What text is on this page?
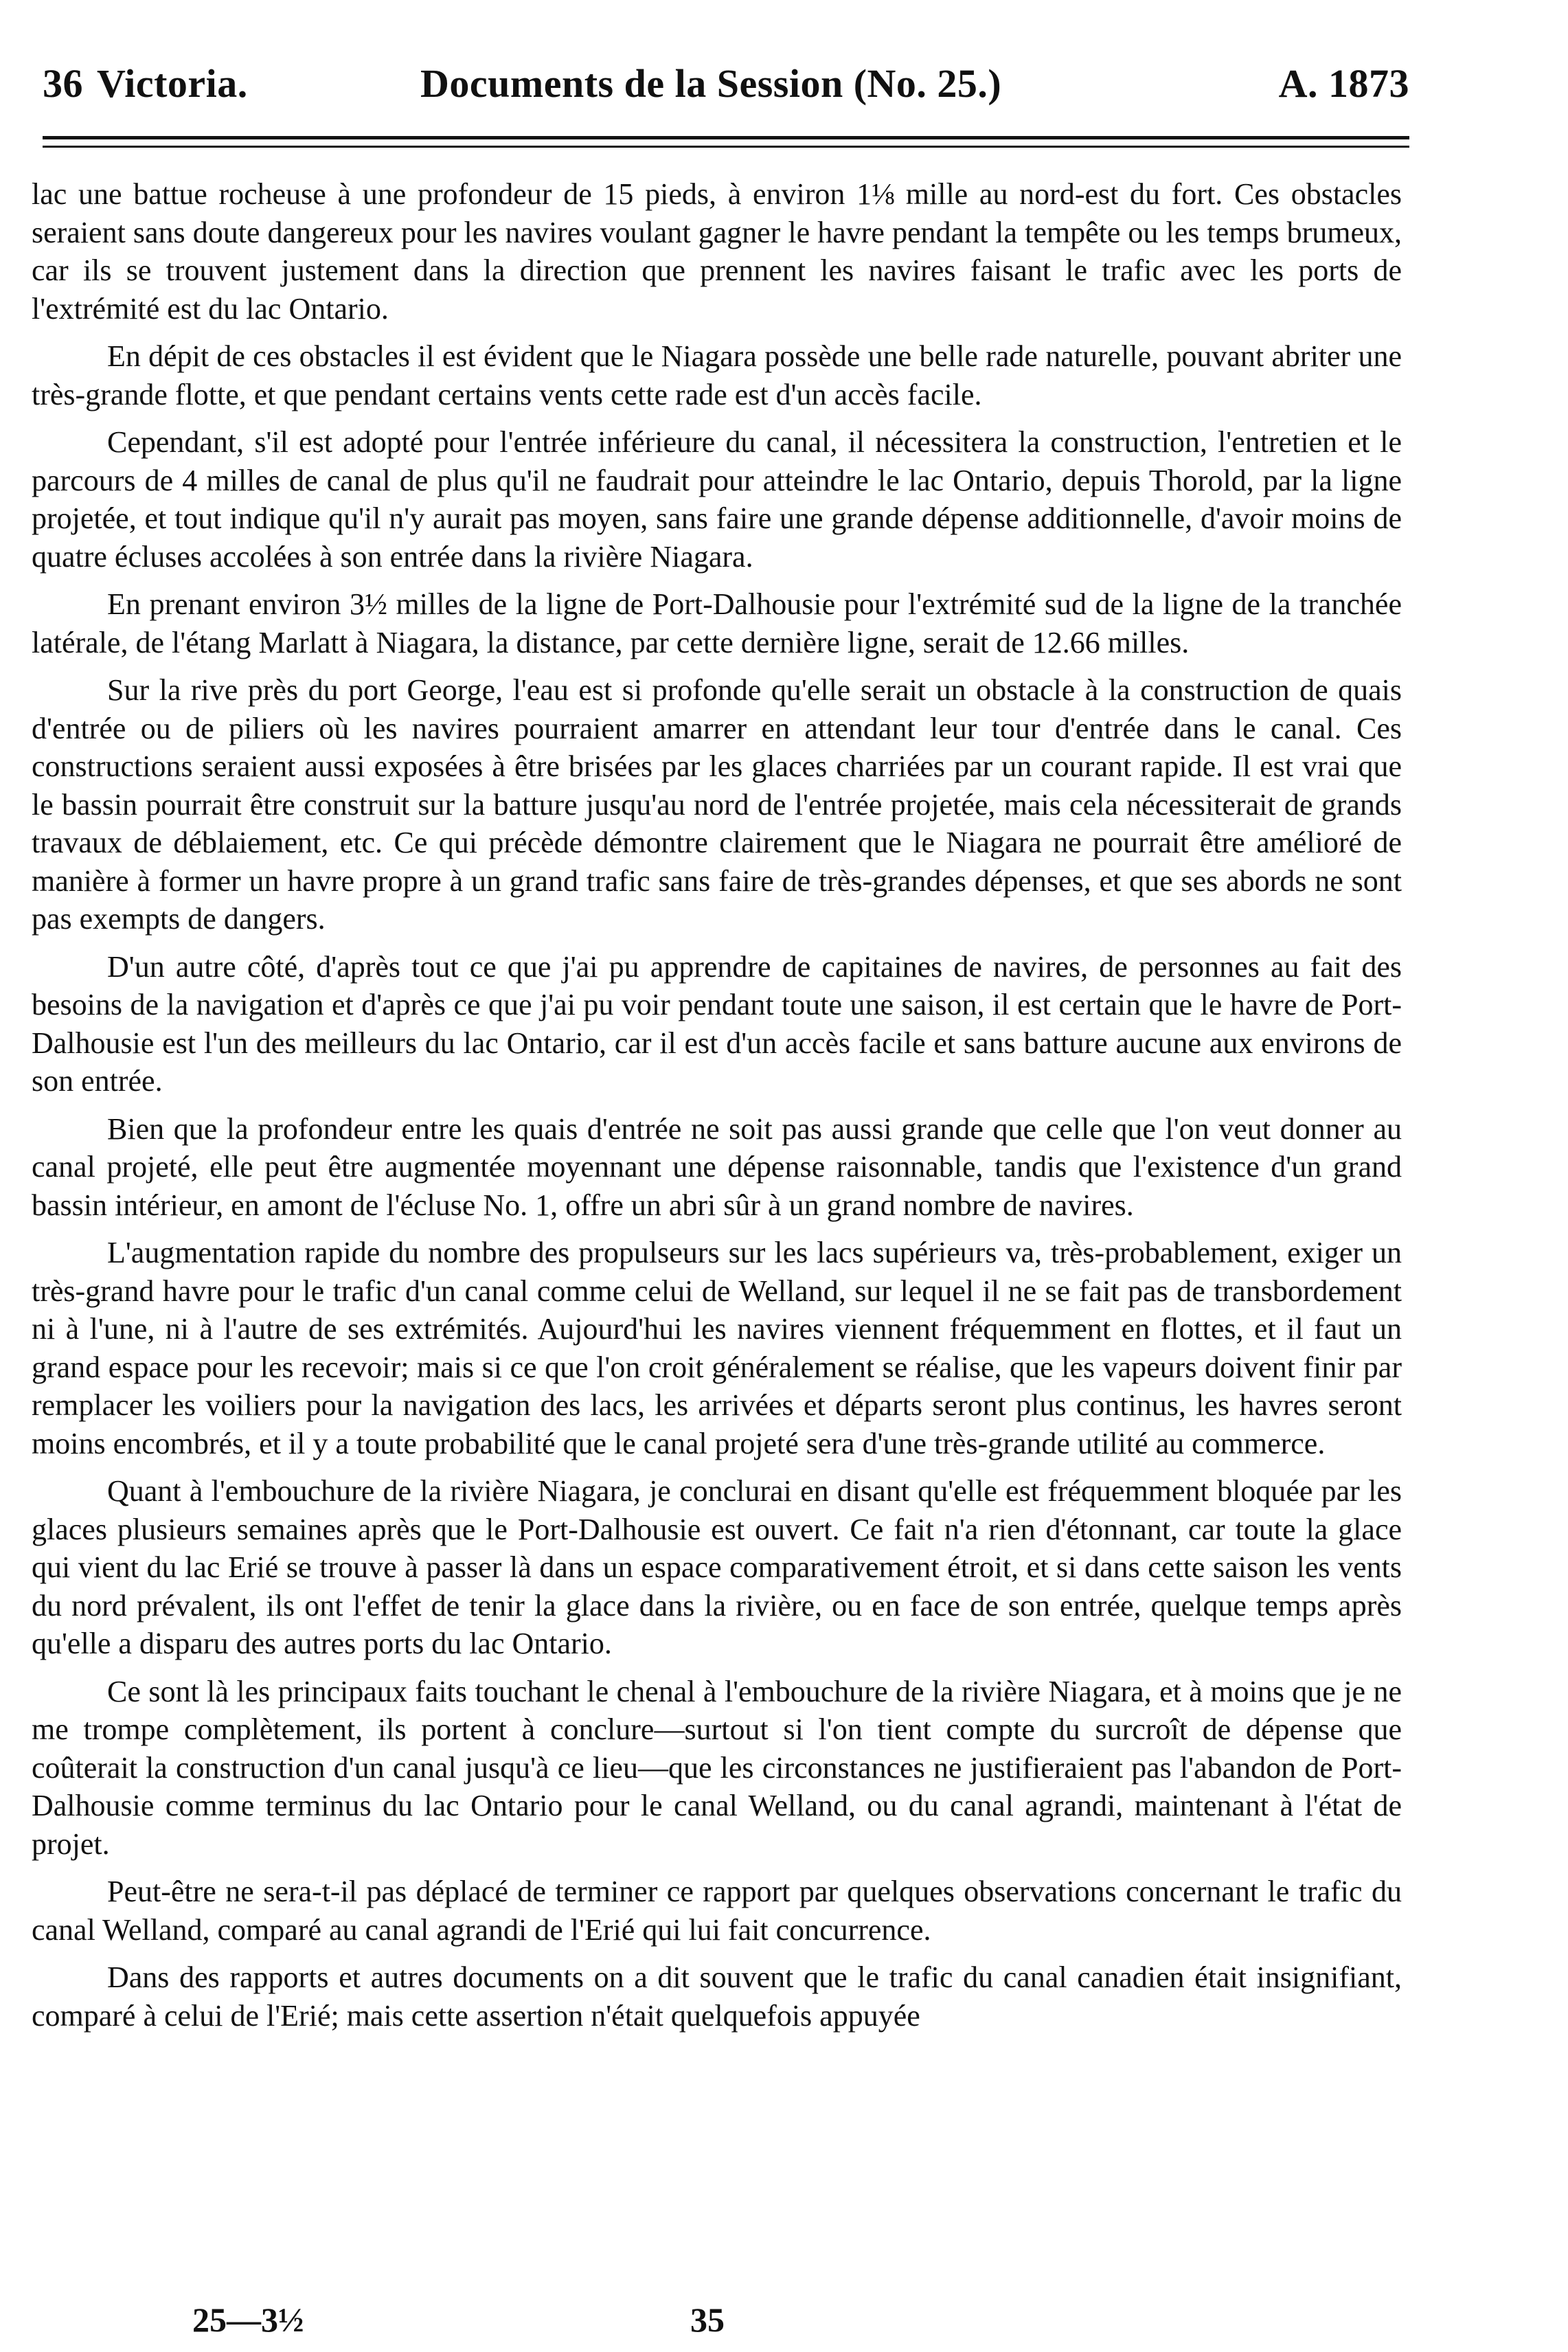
36 Victoria.	Documents de la Session (No. 25.)	A. 1873

lac une battue rocheuse à une profondeur de 15 pieds, à environ 1⅛ mille au nord-est du fort. Ces obstacles seraient sans doute dangereux pour les navires voulant gagner le havre pendant la tempête ou les temps brumeux, car ils se trouvent justement dans la direction que prennent les navires faisant le trafic avec les ports de l'extrémité est du lac Ontario.

En dépit de ces obstacles il est évident que le Niagara possède une belle rade naturelle, pouvant abriter une très-grande flotte, et que pendant certains vents cette rade est d'un accès facile.

Cependant, s'il est adopté pour l'entrée inférieure du canal, il nécessitera la construction, l'entretien et le parcours de 4 milles de canal de plus qu'il ne faudrait pour atteindre le lac Ontario, depuis Thorold, par la ligne projetée, et tout indique qu'il n'y aurait pas moyen, sans faire une grande dépense additionnelle, d'avoir moins de quatre écluses accolées à son entrée dans la rivière Niagara.

En prenant environ 3½ milles de la ligne de Port-Dalhousie pour l'extrémité sud de la ligne de la tranchée latérale, de l'étang Marlatt à Niagara, la distance, par cette dernière ligne, serait de 12.66 milles.

Sur la rive près du port George, l'eau est si profonde qu'elle serait un obstacle à la construction de quais d'entrée ou de piliers où les navires pourraient amarrer en attendant leur tour d'entrée dans le canal. Ces constructions seraient aussi exposées à être brisées par les glaces charriées par un courant rapide. Il est vrai que le bassin pourrait être construit sur la batture jusqu'au nord de l'entrée projetée, mais cela nécessiterait de grands travaux de déblaiement, etc. Ce qui précède démontre clairement que le Niagara ne pourrait être amélioré de manière à former un havre propre à un grand trafic sans faire de très-grandes dépenses, et que ses abords ne sont pas exempts de dangers.

D'un autre côté, d'après tout ce que j'ai pu apprendre de capitaines de navires, de personnes au fait des besoins de la navigation et d'après ce que j'ai pu voir pendant toute une saison, il est certain que le havre de Port-Dalhousie est l'un des meilleurs du lac Ontario, car il est d'un accès facile et sans batture aucune aux environs de son entrée.

Bien que la profondeur entre les quais d'entrée ne soit pas aussi grande que celle que l'on veut donner au canal projeté, elle peut être augmentée moyennant une dépense raisonnable, tandis que l'existence d'un grand bassin intérieur, en amont de l'écluse No. 1, offre un abri sûr à un grand nombre de navires.

L'augmentation rapide du nombre des propulseurs sur les lacs supérieurs va, très-probablement, exiger un très-grand havre pour le trafic d'un canal comme celui de Welland, sur lequel il ne se fait pas de transbordement ni à l'une, ni à l'autre de ses extrémités. Aujourd'hui les navires viennent fréquemment en flottes, et il faut un grand espace pour les recevoir; mais si ce que l'on croit généralement se réalise, que les vapeurs doivent finir par remplacer les voiliers pour la navigation des lacs, les arrivées et départs seront plus continus, les havres seront moins encombrés, et il y a toute probabilité que le canal projeté sera d'une très-grande utilité au commerce.

Quant à l'embouchure de la rivière Niagara, je conclurai en disant qu'elle est fréquemment bloquée par les glaces plusieurs semaines après que le Port-Dalhousie est ouvert. Ce fait n'a rien d'étonnant, car toute la glace qui vient du lac Erié se trouve à passer là dans un espace comparativement étroit, et si dans cette saison les vents du nord prévalent, ils ont l'effet de tenir la glace dans la rivière, ou en face de son entrée, quelque temps après qu'elle a disparu des autres ports du lac Ontario.

Ce sont là les principaux faits touchant le chenal à l'embouchure de la rivière Niagara, et à moins que je ne me trompe complètement, ils portent à conclure—surtout si l'on tient compte du surcroît de dépense que coûterait la construction d'un canal jusqu'à ce lieu—que les circonstances ne justifieraient pas l'abandon de Port-Dalhousie comme terminus du lac Ontario pour le canal Welland, ou du canal agrandi, maintenant à l'état de projet.

Peut-être ne sera-t-il pas déplacé de terminer ce rapport par quelques observations concernant le trafic du canal Welland, comparé au canal agrandi de l'Erié qui lui fait concurrence.

Dans des rapports et autres documents on a dit souvent que le trafic du canal canadien était insignifiant, comparé à celui de l'Erié; mais cette assertion n'était quelquefois appuyée

25—3½	35
